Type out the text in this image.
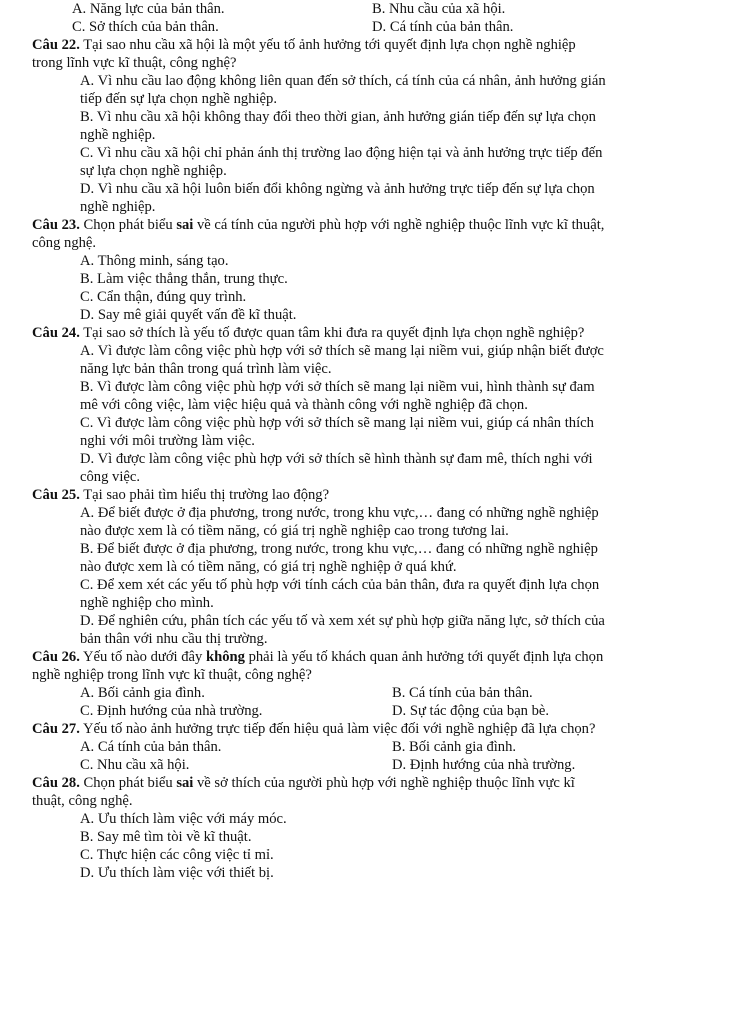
A. Năng lực của bản thân.	B. Nhu cầu của xã hội.
C. Sở thích của bản thân.	D. Cá tính của bản thân.
Câu 22. Tại sao nhu cầu xã hội là một yếu tố ảnh hưởng tới quyết định lựa chọn nghề nghiệp
trong lĩnh vực kĩ thuật, công nghệ?
A. Vì nhu cầu lao động không liên quan đến sở thích, cá tính của cá nhân, ảnh hưởng gián
tiếp đến sự lựa chọn nghề nghiệp.
B. Vì nhu cầu xã hội không thay đổi theo thời gian, ảnh hưởng gián tiếp đến sự lựa chọn
nghề nghiệp.
C. Vì nhu cầu xã hội chỉ phản ánh thị trường lao động hiện tại và ảnh hưởng trực tiếp đến
sự lựa chọn nghề nghiệp.
D. Vì nhu cầu xã hội luôn biến đổi không ngừng và ảnh hưởng trực tiếp đến sự lựa chọn
nghề nghiệp.
Câu 23. Chọn phát biểu sai về cá tính của người phù hợp với nghề nghiệp thuộc lĩnh vực kĩ thuật,
công nghệ.
A. Thông minh, sáng tạo.
B. Làm việc thẳng thắn, trung thực.
C. Cẩn thận, đúng quy trình.
D. Say mê giải quyết vấn đề kĩ thuật.
Câu 24. Tại sao sở thích là yếu tố được quan tâm khi đưa ra quyết định lựa chọn nghề nghiệp?
A. Vì được làm công việc phù hợp với sở thích sẽ mang lại niềm vui, giúp nhận biết được
năng lực bản thân trong quá trình làm việc.
B. Vì được làm công việc phù hợp với sở thích sẽ mang lại niềm vui, hình thành sự đam
mê với công việc, làm việc hiệu quả và thành công với nghề nghiệp đã chọn.
C. Vì được làm công việc phù hợp với sở thích sẽ mang lại niềm vui, giúp cá nhân thích
nghi với môi trường làm việc.
D. Vì được làm công việc phù hợp với sở thích sẽ hình thành sự đam mê, thích nghi với
công việc.
Câu 25. Tại sao phải tìm hiểu thị trường lao động?
A. Để biết được ở địa phương, trong nước, trong khu vực,… đang có những nghề nghiệp
nào được xem là có tiềm năng, có giá trị nghề nghiệp cao trong tương lai.
B. Để biết được ở địa phương, trong nước, trong khu vực,… đang có những nghề nghiệp
nào được xem là có tiềm năng, có giá trị nghề nghiệp ở quá khứ.
C. Để xem xét các yếu tố phù hợp với tính cách của bản thân, đưa ra quyết định lựa chọn
nghề nghiệp cho mình.
D. Để nghiên cứu, phân tích các yếu tố và xem xét sự phù hợp giữa năng lực, sở thích của
bản thân với nhu cầu thị trường.
Câu 26. Yếu tố nào dưới đây không phải là yếu tố khách quan ảnh hưởng tới quyết định lựa chọn
nghề nghiệp trong lĩnh vực kĩ thuật, công nghệ?
A. Bối cảnh gia đình.	B. Cá tính của bản thân.
C. Định hướng của nhà trường.	D. Sự tác động của bạn bè.
Câu 27. Yếu tố nào ảnh hưởng trực tiếp đến hiệu quả làm việc đối với nghề nghiệp đã lựa chọn?
A. Cá tính của bản thân.	B. Bối cảnh gia đình.
C. Nhu cầu xã hội.	D. Định hướng của nhà trường.
Câu 28. Chọn phát biểu sai về sở thích của người phù hợp với nghề nghiệp thuộc lĩnh vực kĩ
thuật, công nghệ.
A. Ưu thích làm việc với máy móc.
B. Say mê tìm tòi về kĩ thuật.
C. Thực hiện các công việc tỉ mỉ.
D. Ưu thích làm việc với thiết bị.
